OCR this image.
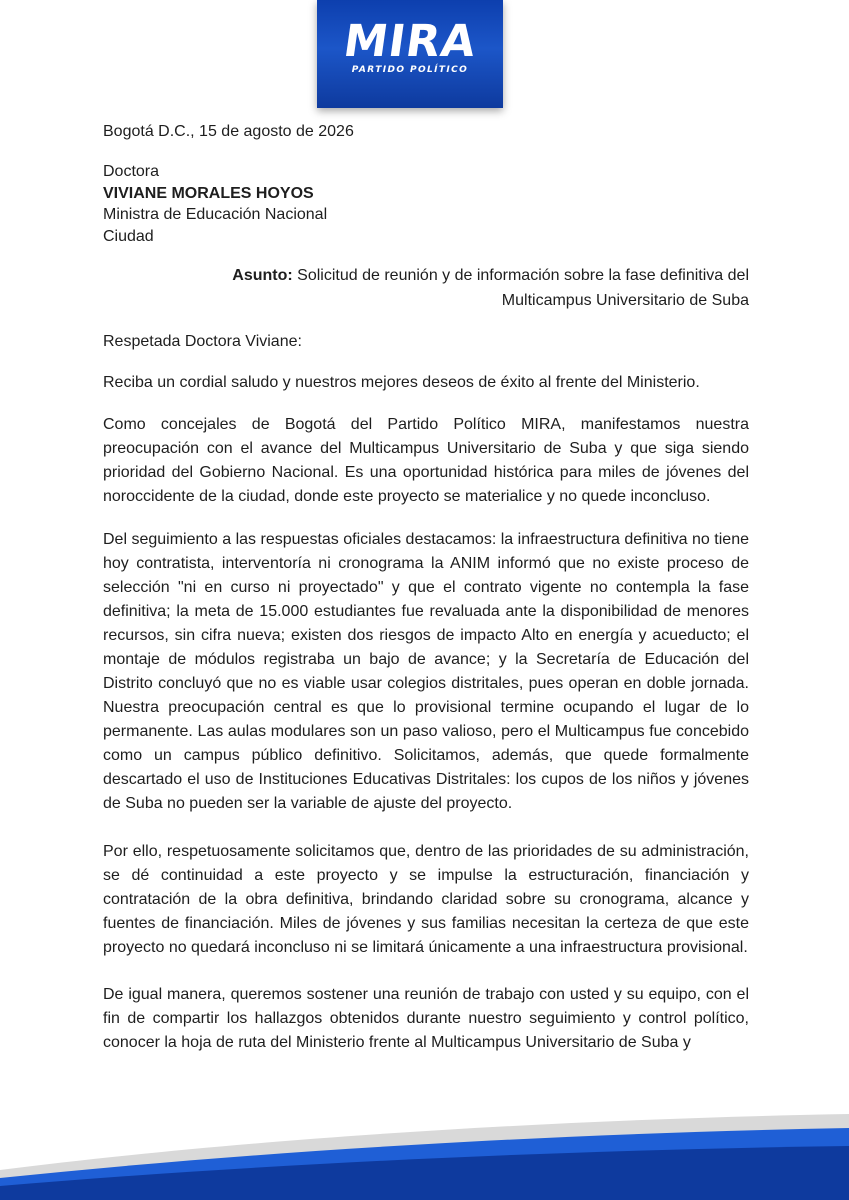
MIRA
PARTIDO POLÍTICO
Bogotá D.C., 15 de agosto de 2026
Doctora
VIVIANE MORALES HOYOS
Ministra de Educación Nacional
Ciudad
Asunto: Solicitud de reunión y de información sobre la fase definitiva del Multicampus Universitario de Suba
Respetada Doctora Viviane:
Reciba un cordial saludo y nuestros mejores deseos de éxito al frente del Ministerio.
Como concejales de Bogotá del Partido Político MIRA, manifestamos nuestra preocupación con el avance del Multicampus Universitario de Suba y que siga siendo prioridad del Gobierno Nacional. Es una oportunidad histórica para miles de jóvenes del noroccidente de la ciudad, donde este proyecto se materialice y no quede inconcluso.
Del seguimiento a las respuestas oficiales destacamos: la infraestructura definitiva no tiene hoy contratista, interventoría ni cronograma la ANIM informó que no existe proceso de selección "ni en curso ni proyectado" y que el contrato vigente no contempla la fase definitiva; la meta de 15.000 estudiantes fue revaluada ante la disponibilidad de menores recursos, sin cifra nueva; existen dos riesgos de impacto Alto en energía y acueducto; el montaje de módulos registraba un bajo de avance; y la Secretaría de Educación del Distrito concluyó que no es viable usar colegios distritales, pues operan en doble jornada. Nuestra preocupación central es que lo provisional termine ocupando el lugar de lo permanente. Las aulas modulares son un paso valioso, pero el Multicampus fue concebido como un campus público definitivo. Solicitamos, además, que quede formalmente descartado el uso de Instituciones Educativas Distritales: los cupos de los niños y jóvenes de Suba no pueden ser la variable de ajuste del proyecto.
Por ello, respetuosamente solicitamos que, dentro de las prioridades de su administración, se dé continuidad a este proyecto y se impulse la estructuración, financiación y contratación de la obra definitiva, brindando claridad sobre su cronograma, alcance y fuentes de financiación. Miles de jóvenes y sus familias necesitan la certeza de que este proyecto no quedará inconcluso ni se limitará únicamente a una infraestructura provisional.
De igual manera, queremos sostener una reunión de trabajo con usted y su equipo, con el fin de compartir los hallazgos obtenidos durante nuestro seguimiento y control político, conocer la hoja de ruta del Ministerio frente al Multicampus Universitario de Suba y
